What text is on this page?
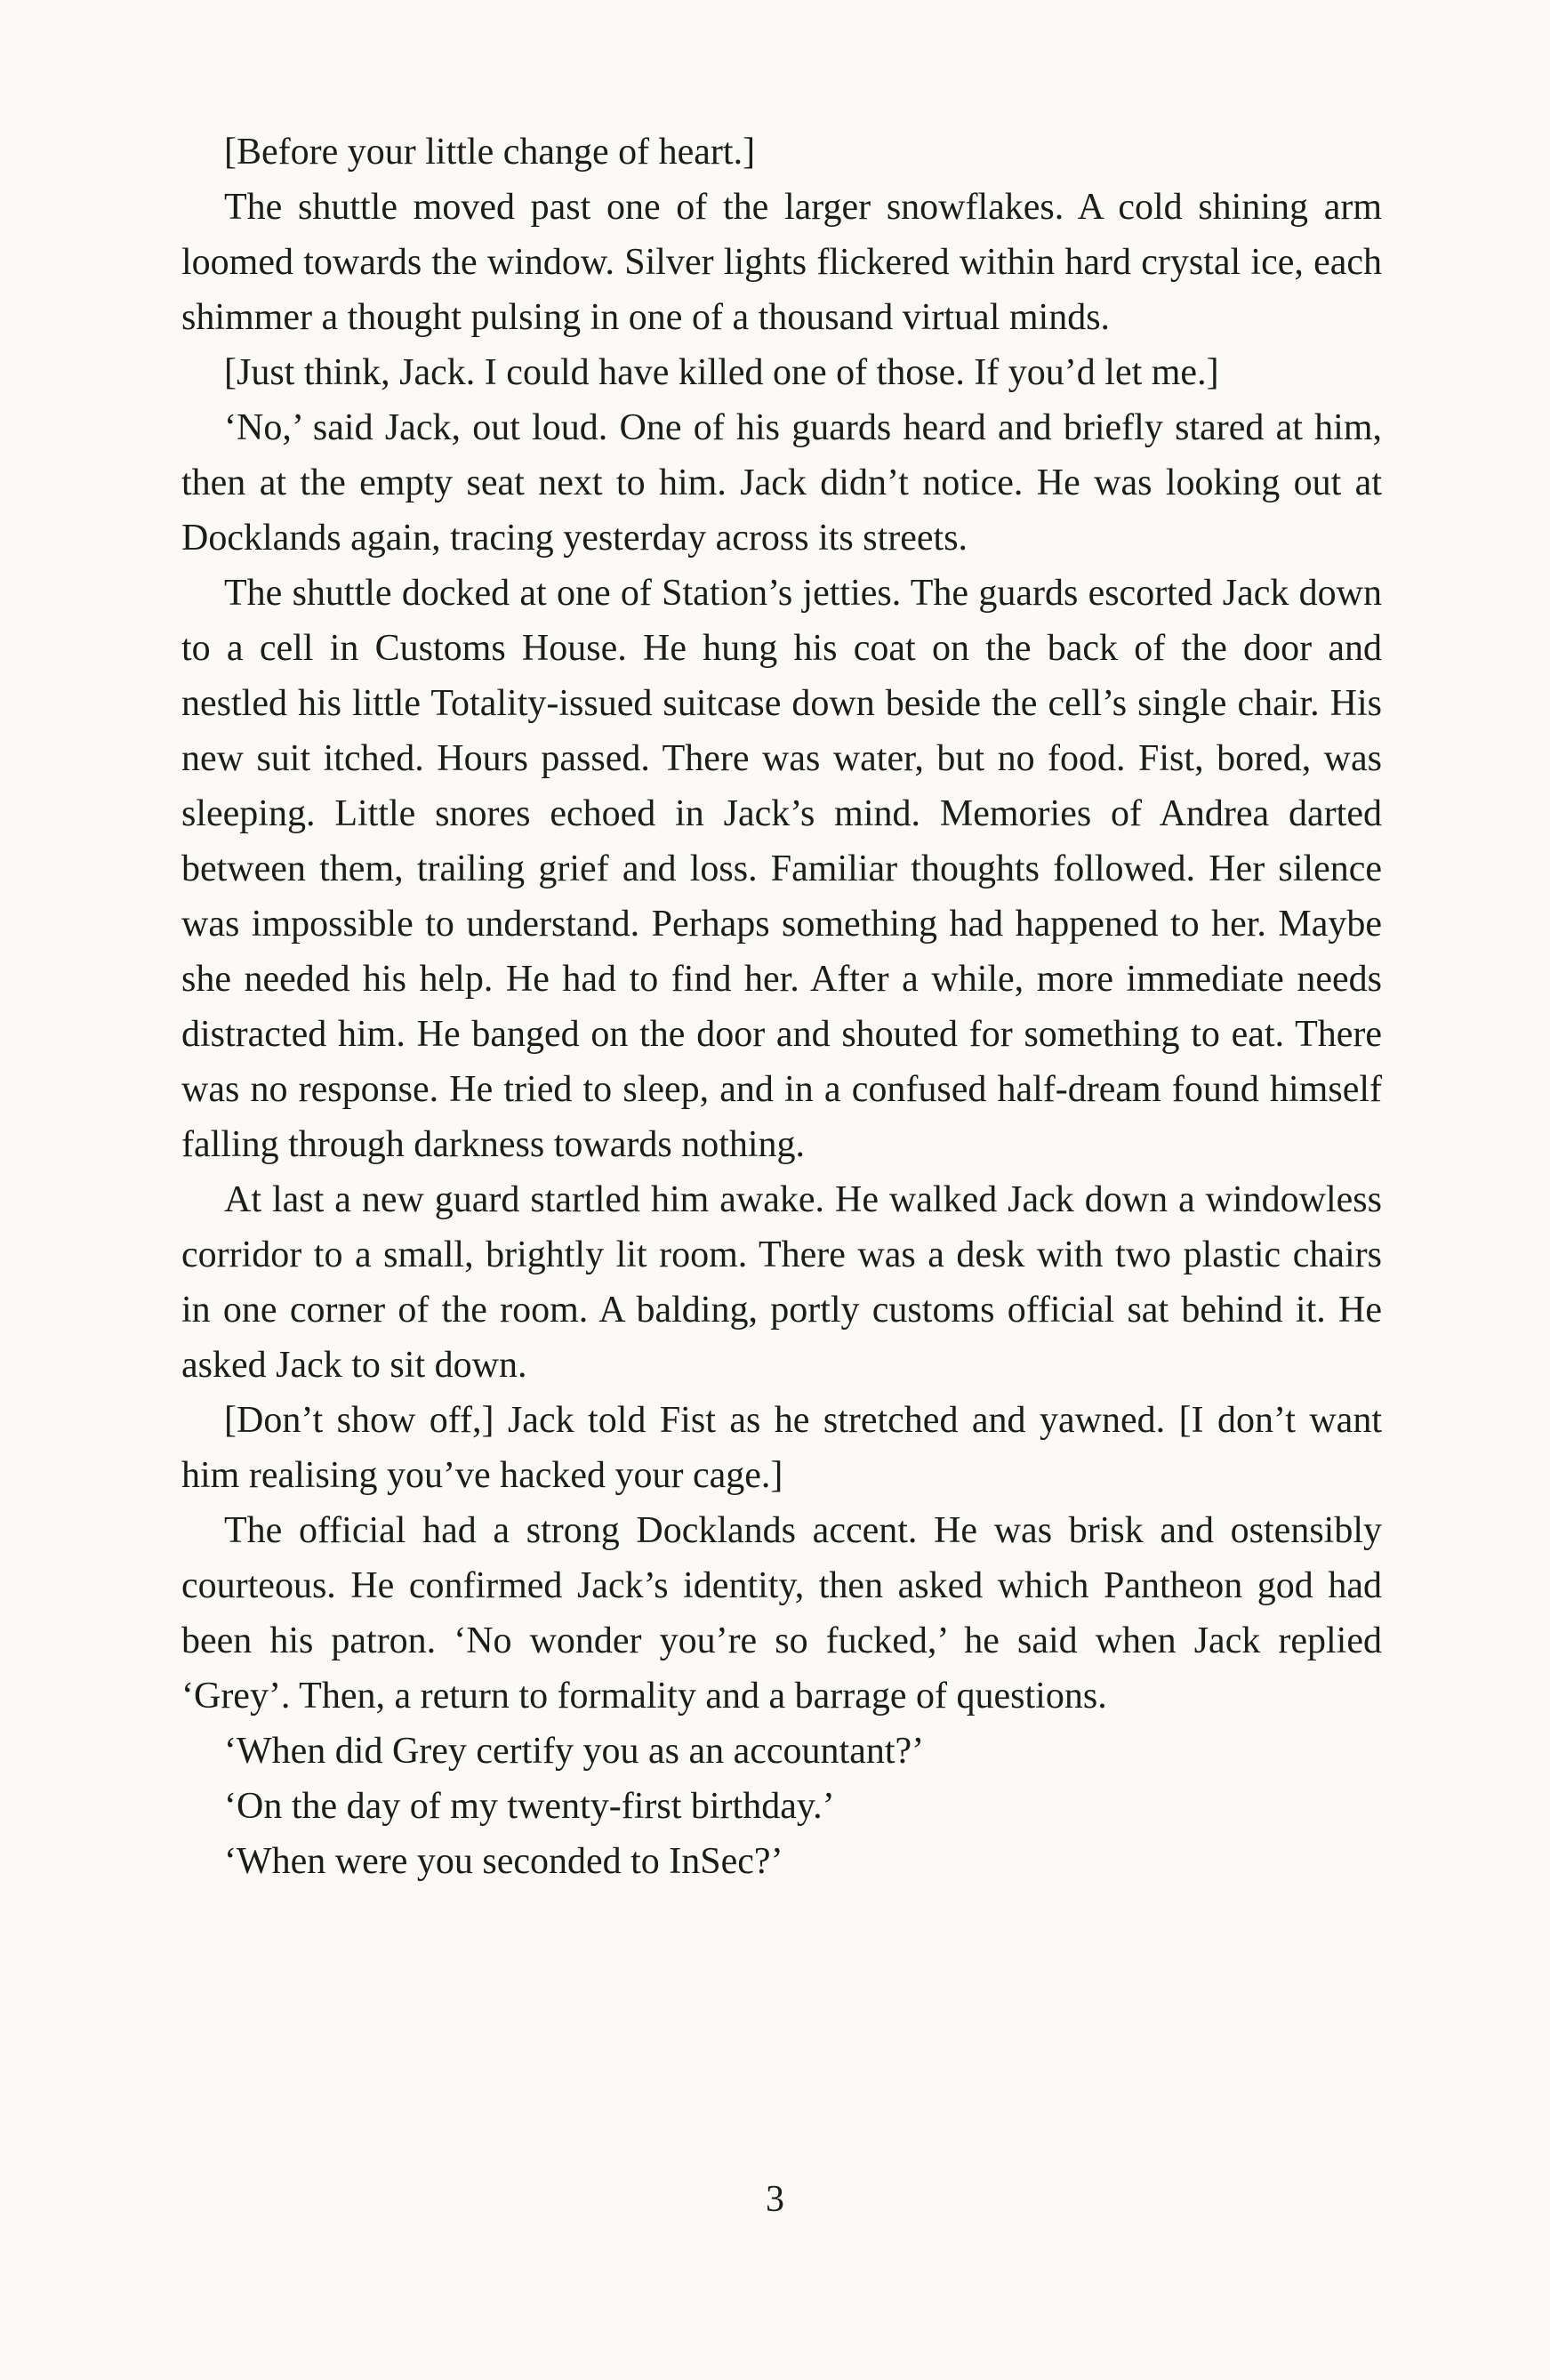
[Before your little change of heart.]

The shuttle moved past one of the larger snowflakes. A cold shining arm loomed towards the window. Silver lights flickered within hard crystal ice, each shimmer a thought pulsing in one of a thousand virtual minds.

[Just think, Jack. I could have killed one of those. If you’d let me.]

‘No,’ said Jack, out loud. One of his guards heard and briefly stared at him, then at the empty seat next to him. Jack didn’t notice. He was looking out at Docklands again, tracing yesterday across its streets.

The shuttle docked at one of Station’s jetties. The guards escorted Jack down to a cell in Customs House. He hung his coat on the back of the door and nestled his little Totality-issued suitcase down beside the cell’s single chair. His new suit itched. Hours passed. There was water, but no food. Fist, bored, was sleeping. Little snores echoed in Jack’s mind. Memories of Andrea darted between them, trailing grief and loss. Familiar thoughts followed. Her silence was impossible to understand. Perhaps something had happened to her. Maybe she needed his help. He had to find her. After a while, more immediate needs distracted him. He banged on the door and shouted for something to eat. There was no response. He tried to sleep, and in a confused half-dream found himself falling through darkness towards nothing.

At last a new guard startled him awake. He walked Jack down a windowless corridor to a small, brightly lit room. There was a desk with two plastic chairs in one corner of the room. A balding, portly customs official sat behind it. He asked Jack to sit down.

[Don’t show off,] Jack told Fist as he stretched and yawned. [I don’t want him realising you’ve hacked your cage.]

The official had a strong Docklands accent. He was brisk and ostensibly courteous. He confirmed Jack’s identity, then asked which Pantheon god had been his patron. ‘No wonder you’re so fucked,’ he said when Jack replied ‘Grey’. Then, a return to formality and a barrage of questions.

‘When did Grey certify you as an accountant?’

‘On the day of my twenty-first birthday.’

‘When were you seconded to InSec?’

3
